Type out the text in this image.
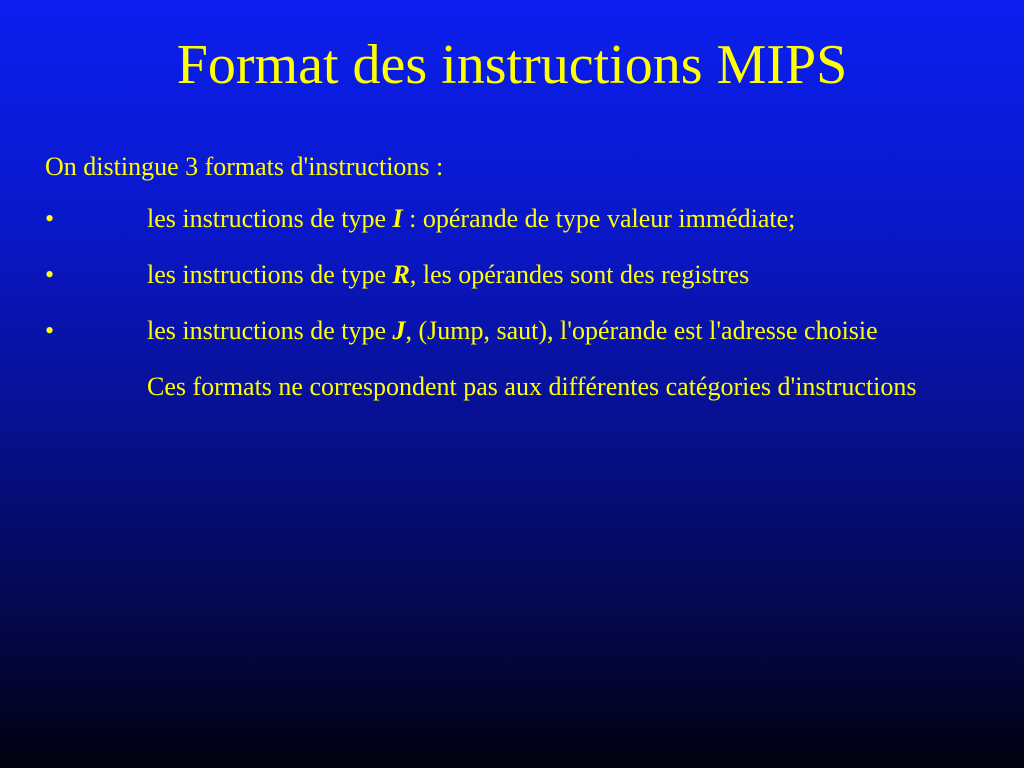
Format des instructions MIPS

On distingue 3 formats d'instructions :

•	les instructions de type I : opérande de type valeur immédiate;

•	les instructions de type R, les opérandes sont des registres

•	les instructions de type J, (Jump, saut), l'opérande est l'adresse choisie

Ces formats ne correspondent pas aux différentes catégories d'instructions
